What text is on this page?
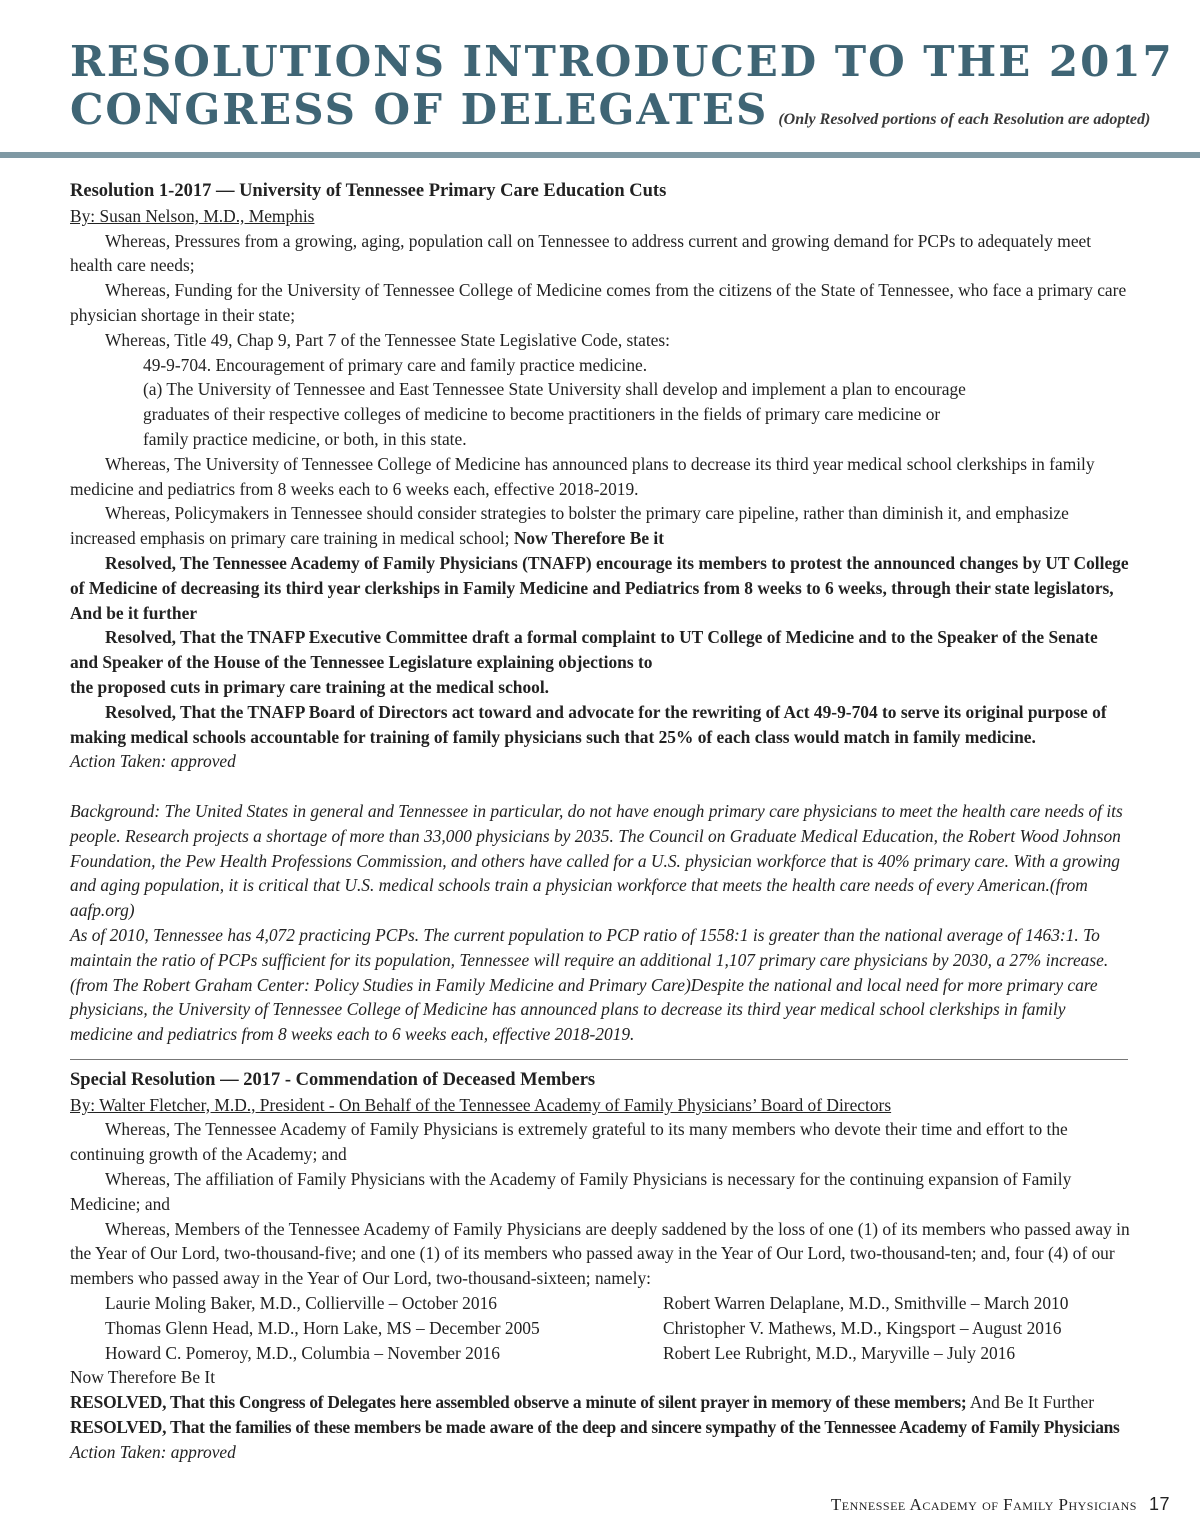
RESOLUTIONS INTRODUCED TO THE 2017
CONGRESS OF DELEGATES (Only Resolved portions of each Resolution are adopted)

Resolution 1-2017 — University of Tennessee Primary Care Education Cuts

By: Susan Nelson, M.D., Memphis

Whereas, Pressures from a growing, aging, population call on Tennessee to address current and growing demand for PCPs to adequately meet health care needs;

Whereas, Funding for the University of Tennessee College of Medicine comes from the citizens of the State of Tennessee, who face a primary care physician shortage in their state;

Whereas, Title 49, Chap 9, Part 7 of the Tennessee State Legislative Code, states:

49-9-704. Encouragement of primary care and family practice medicine.

(a) The University of Tennessee and East Tennessee State University shall develop and implement a plan to encourage graduates of their respective colleges of medicine to become practitioners in the fields of primary care medicine or family practice medicine, or both, in this state.

Whereas, The University of Tennessee College of Medicine has announced plans to decrease its third year medical school clerkships in family medicine and pediatrics from 8 weeks each to 6 weeks each, effective 2018-2019.

Whereas, Policymakers in Tennessee should consider strategies to bolster the primary care pipeline, rather than diminish it, and emphasize increased emphasis on primary care training in medical school; Now Therefore Be it

Resolved, The Tennessee Academy of Family Physicians (TNAFP) encourage its members to protest the announced changes by UT College of Medicine of decreasing its third year clerkships in Family Medicine and Pediatrics from 8 weeks to 6 weeks, through their state legislators, And be it further

Resolved, That the TNAFP Executive Committee draft a formal complaint to UT College of Medicine and to the Speaker of the Senate and Speaker of the House of the Tennessee Legislature explaining objections to

the proposed cuts in primary care training at the medical school.

Resolved, That the TNAFP Board of Directors act toward and advocate for the rewriting of Act 49-9-704 to serve its original purpose of making medical schools accountable for training of family physicians such that 25% of each class would match in family medicine.

Action Taken: approved

Background: The United States in general and Tennessee in particular, do not have enough primary care physicians to meet the health care needs of its people. Research projects a shortage of more than 33,000 physicians by 2035. The Council on Graduate Medical Education, the Robert Wood Johnson Foundation, the Pew Health Professions Commission, and others have called for a U.S. physician workforce that is 40% primary care. With a growing and aging population, it is critical that U.S. medical schools train a physician workforce that meets the health care needs of every American.(from aafp.org)

As of 2010, Tennessee has 4,072 practicing PCPs. The current population to PCP ratio of 1558:1 is greater than the national average of 1463:1. To maintain the ratio of PCPs sufficient for its population, Tennessee will require an additional 1,107 primary care physicians by 2030, a 27% increase.(from The Robert Graham Center: Policy Studies in Family Medicine and Primary Care)Despite the national and local need for more primary care physicians, the University of Tennessee College of Medicine has announced plans to decrease its third year medical school clerkships in family medicine and pediatrics from 8 weeks each to 6 weeks each, effective 2018-2019.

Special Resolution — 2017 - Commendation of Deceased Members

By: Walter Fletcher, M.D., President - On Behalf of the Tennessee Academy of Family Physicians’ Board of Directors

Whereas, The Tennessee Academy of Family Physicians is extremely grateful to its many members who devote their time and effort to the continuing growth of the Academy; and

Whereas, The affiliation of Family Physicians with the Academy of Family Physicians is necessary for the continuing expansion of Family Medicine; and

Whereas, Members of the Tennessee Academy of Family Physicians are deeply saddened by the loss of one (1) of its members who passed away in the Year of Our Lord, two-thousand-five; and one (1) of its members who passed away in the Year of Our Lord, two-thousand-ten; and, four (4) of our members who passed away in the Year of Our Lord, two-thousand-sixteen; namely:

Laurie Moling Baker, M.D., Collierville – October 2016	Robert Warren Delaplane, M.D., Smithville – March 2010
Thomas Glenn Head, M.D., Horn Lake, MS – December 2005	Christopher V. Mathews, M.D., Kingsport – August 2016
Howard C. Pomeroy, M.D., Columbia – November 2016	Robert Lee Rubright, M.D., Maryville – July 2016

Now Therefore Be It

RESOLVED, That this Congress of Delegates here assembled observe a minute of silent prayer in memory of these members; And Be It Further

RESOLVED, That the families of these members be made aware of the deep and sincere sympathy of the Tennessee Academy of Family Physicians

Action Taken: approved

Tennessee Academy of Family Physicians 17
